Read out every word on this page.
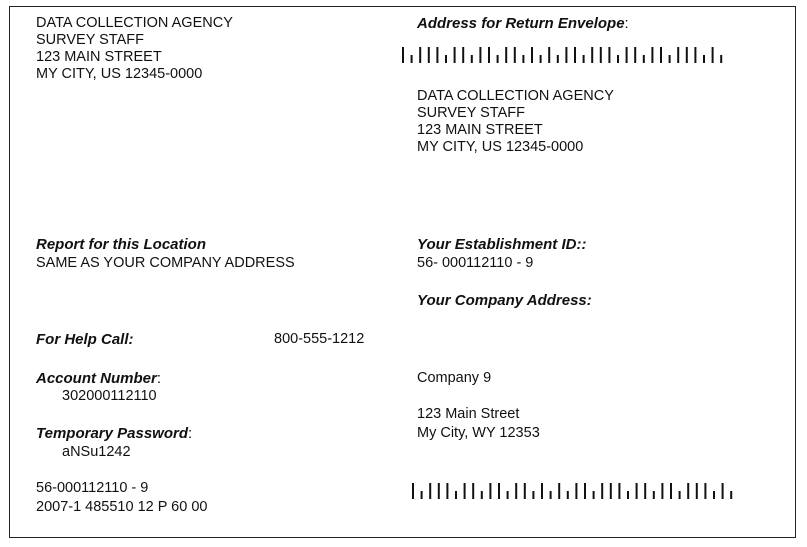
DATA COLLECTION AGENCY
SURVEY STAFF
123 MAIN STREET
MY CITY, US 12345-0000
Address for Return Envelope:
DATA COLLECTION AGENCY
SURVEY STAFF
123 MAIN STREET
MY CITY, US 12345-0000
Report for this Location
SAME AS YOUR COMPANY ADDRESS
Your Establishment ID::
56- 000112110 - 9
Your Company Address:
For Help Call:	800-555-1212
Account Number:
302000112110
Company 9
123 Main Street
My City, WY 12353
Temporary Password:
aNSu1242
56-000112110 - 9
2007-1 485510 12 P 60 00
